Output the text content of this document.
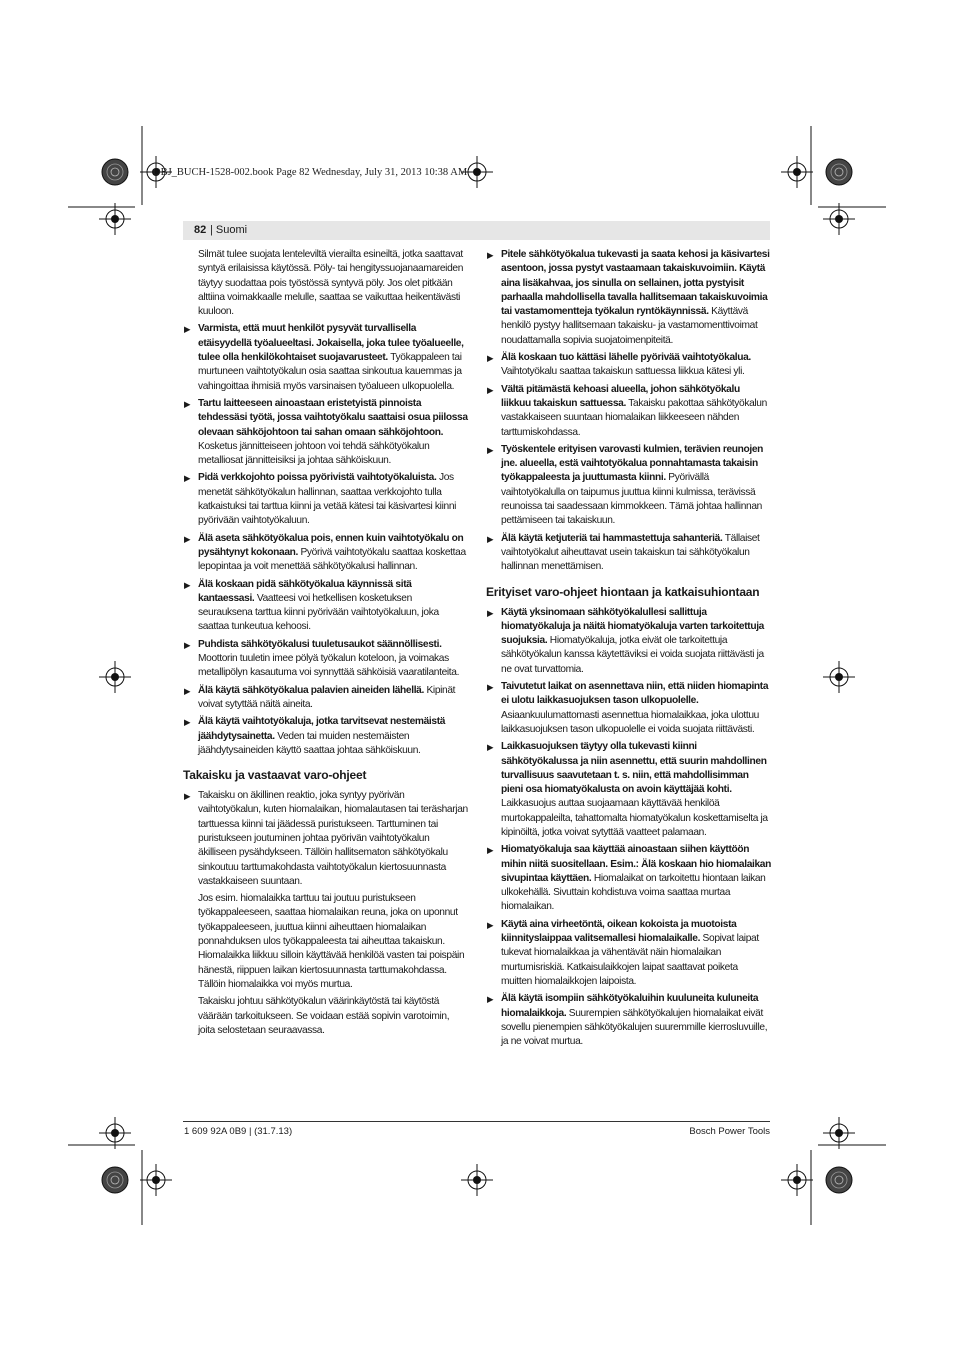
OBJ_BUCH-1528-002.book Page 82 Wednesday, July 31, 2013 10:38 AM
82 | Suomi

Silmät tulee suojata lenteleviltä vierailta esineiltä, jotka saattavat syntyä erilaisissa käytössä. Pöly- tai hengityssuojanaamareiden täytyy suodattaa pois työstössä syntyvä pöly. Jos olet pitkään alttiina voimakkaalle melulle, saattaa se vaikuttaa heikentävästi kuuloon.

▶ Varmista, että muut henkilöt pysyvät turvallisella etäisyydellä työalueeltasi. Jokaisella, joka tulee työalueelle, tulee olla henkilökohtaiset suojavarusteet. Työkappaleen tai murtuneen vaihtotyökalun osia saattaa sinkoutua kauemmas ja vahingoittaa ihmisiä myös varsinaisen työalueen ulkopuolella.
▶ Tartu laitteeseen ainoastaan eristetyistä pinnoista tehdessäsi työtä, jossa vaihtotyökalu saattaisi osua piilossa olevaan sähköjohtoon tai sahan omaan sähköjohtoon. Kosketus jännitteiseen johtoon voi tehdä sähkötyökalun metalliosat jännitteisiksi ja johtaa sähköiskuun.
▶ Pidä verkkojohto poissa pyörivistä vaihtotyökaluista. Jos menetät sähkötyökalun hallinnan, saattaa verkkojohto tulla katkaistuksi tai tarttua kiinni ja vetää kätesi tai käsivartesi kiinni pyörivään vaihtotyökaluun.
▶ Älä aseta sähkötyökalua pois, ennen kuin vaihtotyökalu on pysähtynyt kokonaan. Pyörivä vaihtotyökalu saattaa koskettaa lepopintaa ja voit menettää sähkötyökalusi hallinnan.
▶ Älä koskaan pidä sähkötyökalua käynnissä sitä kantaessasi. Vaatteesi voi hetkellisen kosketuksen seurauksena tarttua kiinni pyörivään vaihtotyökaluun, joka saattaa tunkeutua kehoosi.
▶ Puhdista sähkötyökalusi tuuletusaukot säännöllisesti. Moottorin tuuletin imee pölyä työkalun koteloon, ja voimakas metallipölyn kasautuma voi synnyttää sähköisiä vaaratilanteita.
▶ Älä käytä sähkötyökalua palavien aineiden lähellä. Kipinät voivat sytyttää näitä aineita.
▶ Älä käytä vaihtotyökaluja, jotka tarvitsevat nestemäistä jäähdytysainetta. Veden tai muiden nestemäisten jäähdytysaineiden käyttö saattaa johtaa sähköiskuun.
Takaisku ja vastaavat varo-ohjeet
▶ Takaisku on äkillinen reaktio, joka syntyy pyörivän vaihtotyökalun, kuten hiomalaikan, hiomalautasen tai teräsharjan tarttuessa kiinni tai jäädessä puristukseen. Tarttuminen tai puristukseen joutuminen johtaa pyörivän vaihtotyökalun äkilliseen pysähdykseen. Tällöin hallitsematon sähkötyökalu sinkoutuu tarttumakohdasta vaihtotyökalun kiertosuunnasta vastakkaiseen suuntaan.

Jos esim. hiomalaikka tarttuu tai joutuu puristukseen työkappaleeseen, saattaa hiomalaikan reuna, joka on uponnut työkappaleeseen, juuttua kiinni aiheuttaen hiomalaikan ponnahduksen ulos työkappaleesta tai aiheuttaa takaiskun. Hiomalaikka liikkuu silloin käyttävää henkilöä vasten tai poispäin hänestä, riippuen laikan kiertosuunnasta tarttumakohdassa. Tällöin hiomalaikka voi myös murtua.

Takaisku johtuu sähkötyökalun väärinkäytöstä tai käytöstä väärään tarkoitukseen. Se voidaan estää sopivin varotoimin, joita selostetaan seuraavassa.

▶ Pitele sähkötyökalua tukevasti ja saata kehosi ja käsivartesi asentoon, jossa pystyt vastaamaan takaiskuvoimiin. Käytä aina lisäkahvaa, jos sinulla on sellainen, jotta pystyisit parhaalla mahdollisella tavalla hallitsemaan takaiskuvoimia tai vastamomentteja työkalun ryntökäynnissä. Käyttävä henkilö pystyy hallitsemaan takaisku- ja vastamomenttivoimat noudattamalla sopivia suojatoimenpiteitä.
▶ Älä koskaan tuo kättäsi lähelle pyörivää vaihtotyökalua. Vaihtotyökalu saattaa takaiskun sattuessa liikkua kätesi yli.
▶ Vältä pitämästä kehoasi alueella, johon sähkötyökalu liikkuu takaiskun sattuessa. Takaisku pakottaa sähkötyökalun vastakkaiseen suuntaan hiomalaikan liikkeeseen nähden tarttumiskohdassa.
▶ Työskentele erityisen varovasti kulmien, terävien reunojen jne. alueella, estä vaihtotyökalua ponnahtamasta takaisin työkappaleesta ja juuttumasta kiinni. Pyörivällä vaihtotyökalulla on taipumus juuttua kiinni kulmissa, terävissä reunoissa tai saadessaan kimmokkeen. Tämä johtaa hallinnan pettämiseen tai takaiskuun.
▶ Älä käytä ketjuteriä tai hammastettuja sahanteriä. Tällaiset vaihtotyökalut aiheuttavat usein takaiskun tai sähkötyökalun hallinnan menettämisen.
Erityiset varo-ohjeet hiontaan ja katkaisuhiontaan
▶ Käytä yksinomaan sähkötyökalullesi sallittuja hiomatyökaluja ja näitä hiomatyökaluja varten tarkoitettuja suojuksia. Hiomatyökaluja, jotka eivät ole tarkoitettuja sähkötyökalun kanssa käytettäviksi ei voida suojata riittävästi ja ne ovat turvattomia.
▶ Taivutetut laikat on asennettava niin, että niiden hiomapinta ei ulotu laikkasuojuksen tason ulkopuolelle. Asiaankuulumattomasti asennettua hiomalaikkaa, joka ulottuu laikkasuojuksen tason ulkopuolelle ei voida suojata riittävästi.
▶ Laikkasuojuksen täytyy olla tukevasti kiinni sähkötyökalussa ja niin asennettu, että suurin mahdollinen turvallisuus saavutetaan t. s. niin, että mahdollisimman pieni osa hiomatyökalusta on avoin käyttäjää kohti. Laikkasuojus auttaa suojaamaan käyttävää henkilöä murtokappaleilta, tahattomalta hiomatyökalun koskettamiselta ja kipinöiltä, jotka voivat sytyttää vaatteet palamaan.
▶ Hiomatyökaluja saa käyttää ainoastaan siihen käyttöön mihin niitä suositellaan. Esim.: Älä koskaan hio hiomalaikan sivupintaa käyttäen. Hiomalaikat on tarkoitettu hiontaan laikan ulkokehällä. Sivuttain kohdistuva voima saattaa murtaa hiomalaikan.
▶ Käytä aina virheetöntä, oikean kokoista ja muotoista kiinnityslaippaa valitsemallesi hiomalaikalle. Sopivat laipat tukevat hiomalaikkaa ja vähentävät näin hiomalaikan murtumisriskiä. Katkaisulaikkojen laipat saattavat poiketa muitten hiomalaikkojen laipoista.
▶ Älä käytä isompiin sähkötyökaluihin kuuluneita kuluneita hiomalaikkoja. Suurempien sähkötyökalujen hiomalaikat eivät sovellu pienempien sähkötyökalujen suuremmille kierrosluvuille, ja ne voivat murtua.
1 609 92A 0B9 | (31.7.13)	Bosch Power Tools
